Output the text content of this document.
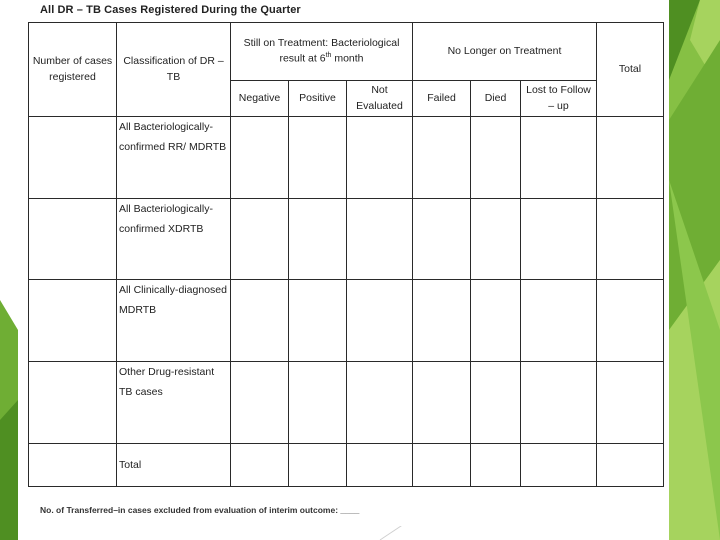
All DR – TB Cases Registered During the Quarter
Number of cases registered	Classification of DR – TB	Still on Treatment: Bacteriological result at 6th month			No Longer on Treatment			Total
		Negative	Positive	Not Evaluated	Failed	Died	Lost to Follow – up	
	All Bacteriologically-confirmed RR/ MDRTB							
	All Bacteriologically-confirmed XDRTB							
	All Clinically-diagnosed MDRTB							
	Other Drug-resistant TB cases							
	Total							
No. of Transferred–in cases excluded from evaluation of interim outcome: ____
